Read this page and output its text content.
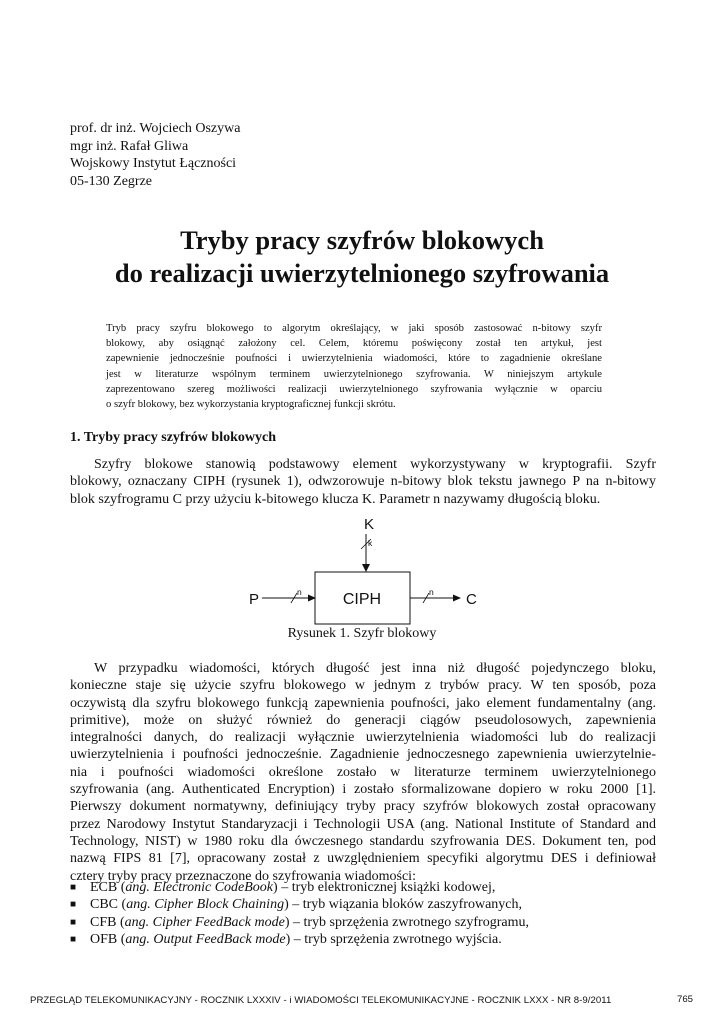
prof. dr inż. Wojciech Oszywa
mgr inż. Rafał Gliwa
Wojskowy Instytut Łączności
05-130 Zegrze
Tryby pracy szyfrów blokowych
do realizacji uwierzytelnionego szyfrowania
Tryb pracy szyfru blokowego to algorytm określający, w jaki sposób zastosować n-bitowy szyfr
blokowy, aby osiągnąć założony cel. Celem, któremu poświęcony został ten artykuł, jest
zapewnienie jednocześnie poufności i uwierzytelnienia wiadomości, które to zagadnienie określane
jest w literaturze wspólnym terminem uwierzytelnionego szyfrowania. W niniejszym artykule
zaprezentowano szereg możliwości realizacji uwierzytelnionego szyfrowania wyłącznie w oparciu
o szyfr blokowy, bez wykorzystania kryptograficznej funkcji skrótu.
1. Tryby pracy szyfrów blokowych
Szyfry blokowe stanowią podstawowy element wykorzystywany w kryptografii. Szyfr
blokowy, oznaczany CIPH (rysunek 1), odwzorowuje n-bitowy blok tekstu jawnego P na n-bitowy
blok szyfrogramu C przy użyciu k-bitowego klucza K. Parametr n nazywamy długością bloku.
K
k
CIPH
P	n	n C
Rysunek 1. Szyfr blokowy
W przypadku wiadomości, których długość jest inna niż długość pojedynczego bloku,
konieczne staje się użycie szyfru blokowego w jednym z trybów pracy. W ten sposób, poza
oczywistą dla szyfru blokowego funkcją zapewnienia poufności, jako element fundamentalny (ang.
primitive), może on służyć również do generacji ciągów pseudolosowych, zapewnienia
integralności danych, do realizacji wyłącznie uwierzytelnienia wiadomości lub do realizacji
uwierzytelnienia i poufności jednocześnie. Zagadnienie jednoczesnego zapewnienia uwierzytelnie-
nia i poufności wiadomości określone zostało w literaturze terminem uwierzytelnionego
szyfrowania (ang. Authenticated Encryption) i zostało sformalizowane dopiero w roku 2000 [1].
Pierwszy dokument normatywny, definiujący tryby pracy szyfrów blokowych został opracowany
przez Narodowy Instytut Standaryzacji i Technologii USA (ang. National Institute of Standard and
Technology, NIST) w 1980 roku dla ówczesnego standardu szyfrowania DES. Dokument ten, pod
nazwą FIPS 81 [7], opracowany został z uwzględnieniem specyfiki algorytmu DES i definiował
cztery tryby pracy przeznaczone do szyfrowania wiadomości:
■ ECB (ang. Electronic CodeBook) – tryb elektronicznej książki kodowej,
■ CBC (ang. Cipher Block Chaining) – tryb wiązania bloków zaszyfrowanych,
■ CFB (ang. Cipher FeedBack mode) – tryb sprzężenia zwrotnego szyfrogramu,
■ OFB (ang. Output FeedBack mode) – tryb sprzężenia zwrotnego wyjścia.
PRZEGLĄD TELEKOMUNIKACYJNY - ROCZNIK LXXXIV - i WIADOMOŚCI TELEKOMUNIKACYJNE - ROCZNIK LXXX - NR 8-9/2011	765
